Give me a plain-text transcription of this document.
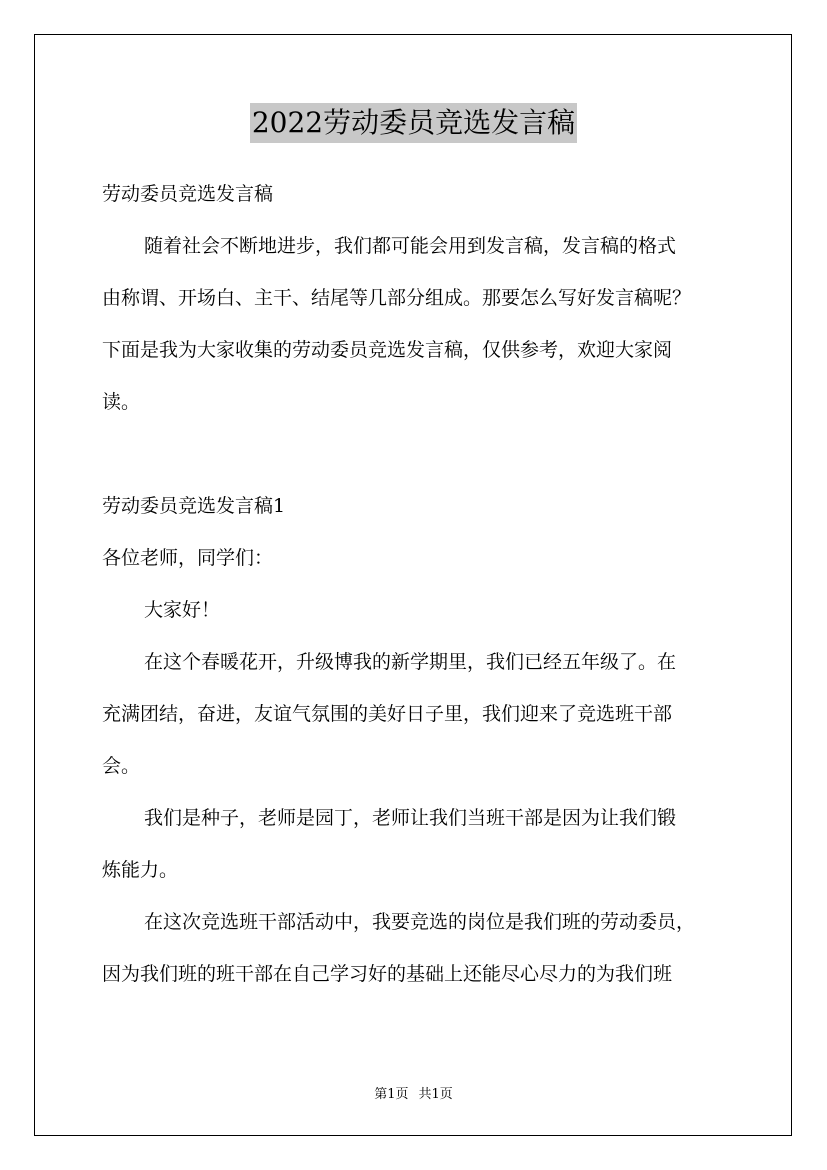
2022劳动委员竞选发言稿
劳动委员竞选发言稿
随着社会不断地进步，我们都可能会用到发言稿，发言稿的格式
由称谓、开场白、主干、结尾等几部分组成。那要怎么写好发言稿呢？
下面是我为大家收集的劳动委员竞选发言稿，仅供参考，欢迎大家阅
读。
劳动委员竞选发言稿1
各位老师，同学们：
大家好！
在这个春暖花开，升级博我的新学期里，我们已经五年级了。在
充满团结，奋进，友谊气氛围的美好日子里，我们迎来了竞选班干部
会。
我们是种子，老师是园丁，老师让我们当班干部是因为让我们锻
炼能力。
在这次竞选班干部活动中，我要竞选的岗位是我们班的劳动委员，
因为我们班的班干部在自己学习好的基础上还能尽心尽力的为我们班
第1页 共1页
